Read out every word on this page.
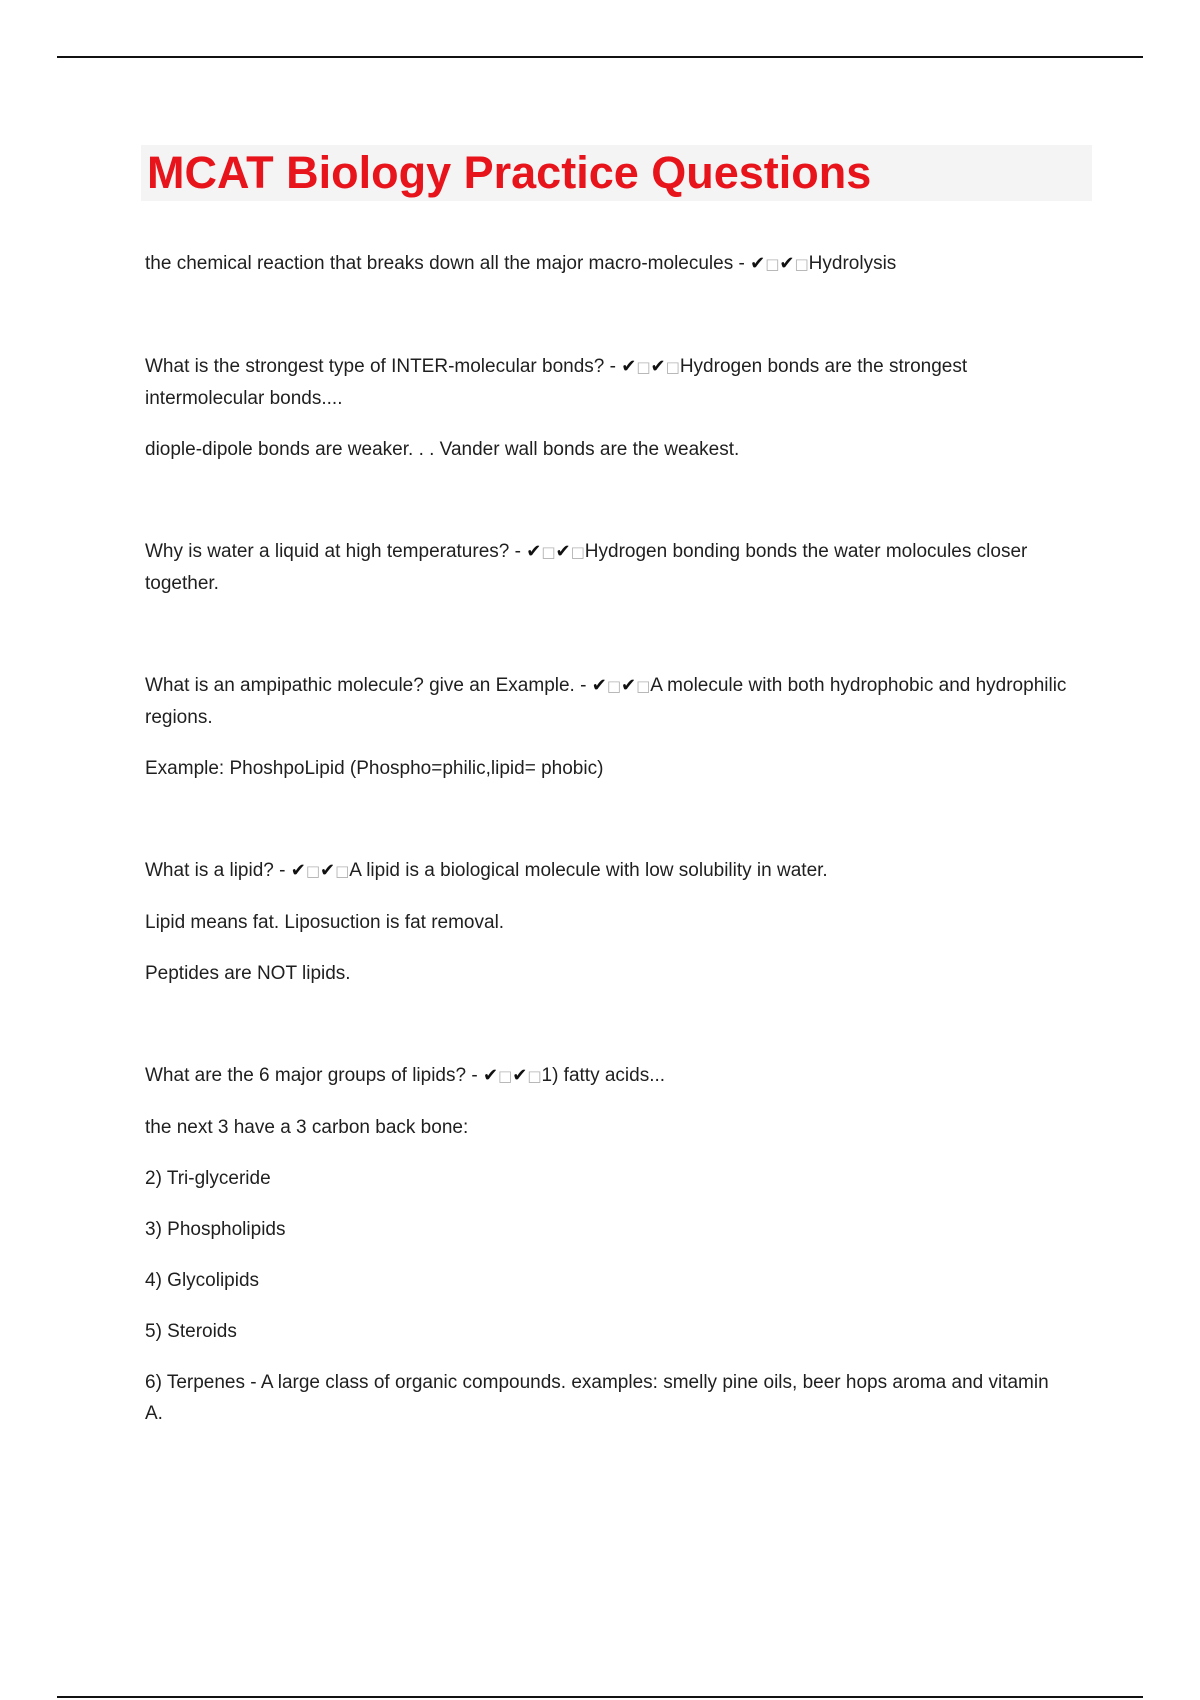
MCAT Biology Practice Questions

the chemical reaction that breaks down all the major macro-molecules - ✔□✔□Hydrolysis

What is the strongest type of INTER-molecular bonds? - ✔□✔□Hydrogen bonds are the strongest intermolecular bonds....

diople-dipole bonds are weaker. . . Vander wall bonds are the weakest.

Why is water a liquid at high temperatures? - ✔□✔□Hydrogen bonding bonds the water molocules closer together.

What is an ampipathic molecule? give an Example. - ✔□✔□A molecule with both hydrophobic and hydrophilic regions.

Example: PhoshpoLipid (Phospho=philic,lipid= phobic)

What is a lipid? - ✔□✔□A lipid is a biological molecule with low solubility in water.

Lipid means fat. Liposuction is fat removal.

Peptides are NOT lipids.

What are the 6 major groups of lipids? - ✔□✔□1) fatty acids...

the next 3 have a 3 carbon back bone:

2) Tri-glyceride

3) Phospholipids

4) Glycolipids

5) Steroids

6) Terpenes - A large class of organic compounds. examples: smelly pine oils, beer hops aroma and vitamin A.
